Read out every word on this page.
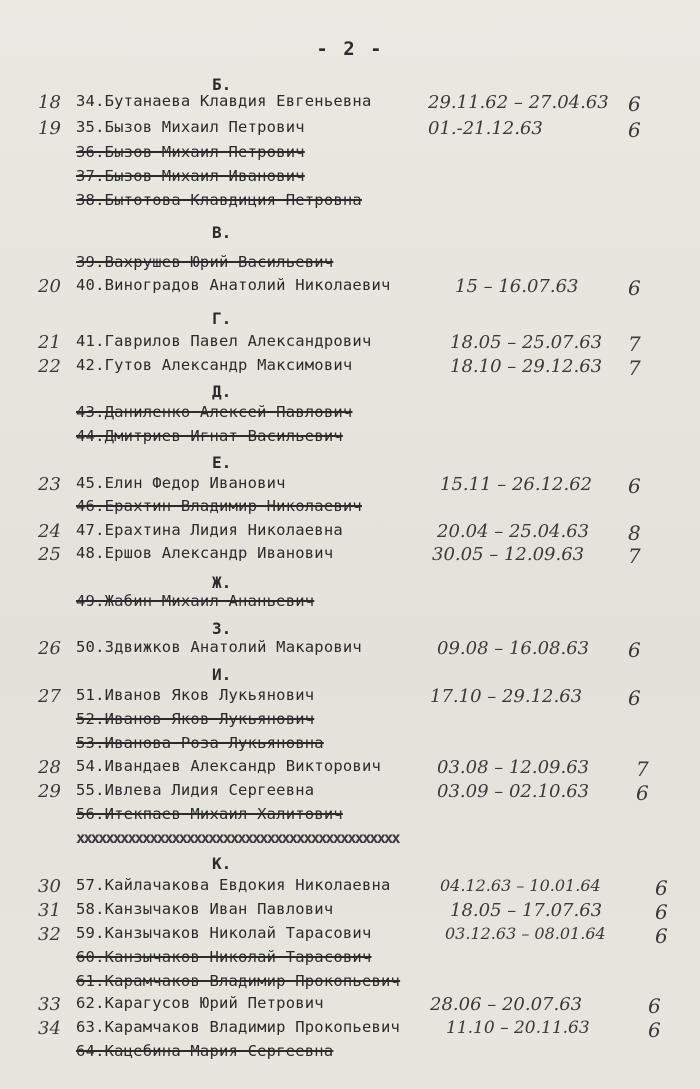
- 2 -
Б.
В.
Г.
Д.
Е.
Ж.
З.
И.
К.
18 34.Бутанаева Клавдия Евгеньевна	29.11.62 – 27.04.63 6
19 35.Бызов Михаил Петрович	01.-21.12.63	6
36.Бызов Михаил Петрович
37.Бызов Михаил Иванович
38.Бытотова Клавдиция Петровна
39.Вахрушев Юрий Васильевич
20 40.Виноградов Анатолий Николаевич	15 – 16.07.63 6
21 41.Гаврилов Павел Александрович	18.05 – 25.07.63 7
22 42.Гутов Александр Максимович	18.10 – 29.12.63 7
43.Даниленко Алексей Павлович
44.Дмитриев Игнат Васильевич
23 45.Елин Федор Иванович	15.11 – 26.12.62 6
46.Ерахтин Владимир Николаевич
24 47.Ерахтина Лидия Николаевна	20.04 – 25.04.63 8
25 48.Ершов Александр Иванович	30.05 – 12.09.63 7
49.Жабин Михаил Ананьевич
26 50.Здвижков Анатолий Макарович	09.08 – 16.08.63 6
27 51.Иванов Яков Лукьянович	17.10 – 29.12.63 6
52.Иванов Яков Лукьянович
53.Иванова Роза Лукьяновна
28 54.Ивандаев Александр Викторович	03.08 – 12.09.63 7
29 55.Ивлева Лидия Сергеевна	03.09 – 02.10.63 6
56.Итекпаев Михаил Халитович
xxxxxxxxxxxxxxxxxxxxxxxxxxxxxxxxxxxxxxxxxxxx
30 57.Кайлачакова Евдокия Николаевна	04.12.63 – 10.01.64	6
31 58.Канзычаков Иван Павлович	18.05 – 17.07.63	6
32 59.Канзычаков Николай Тарасович	03.12.63 – 08.01.64 6
60.Канзычаков Николай Тарасович
61.Карамчаков Владимир Прокопьевич
33 62.Карагусов Юрий Петрович	28.06 – 20.07.63	6
34 63.Карамчаков Владимир Прокопьевич	11.10 – 20.11.63	6
64.Кацебина Мария Сергеевна
